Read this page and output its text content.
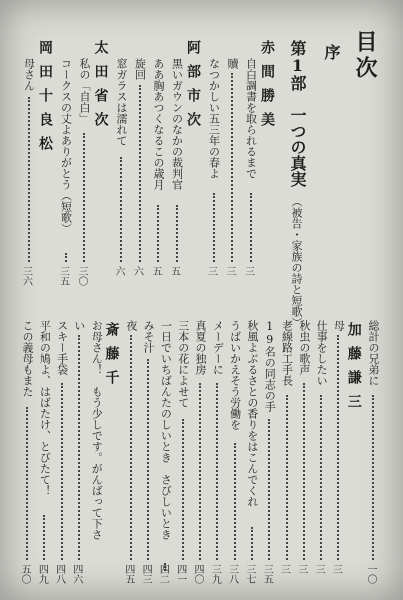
目次
序
第1部　一つの真実
（被告・家族の詩と短歌）
赤間勝美
自白調書を取られるまで
三
贖
三
なつかしい五三年の春よ
三
阿部市次
黒いガウンのなかの裁判官
五
ああ胸あつくなるこの歳月
五
旋回
六
窓ガラスは濡れて
六
太田省次
私の「自白」
三〇
コークスの丈よありがとう（短歌）
三五
岡田十良松
母さん
三六
総計の兄弟に
一〇
加藤謙三
母
三
仕事をしたい
三
秋虫の歌声
三
老線路工手長
三
19名の同志の手
三五
秋風よぶるさとの香りをはこんでくれ
三七
うばいかえそう労働を
三八
メーデーに
三九
真夏の独房
四〇
三本の花によせて
四一
一日でいちばんたのしいとき　さびしいとき
四二
みそ汁
四三
夜
四五
斎藤千
お母さん！　もう少しです。がんばって下さ
い
四六
スキー手袋
四八
平和の鳩よ、はばたけ、とびたて！
四九
この義母もまた
五〇
